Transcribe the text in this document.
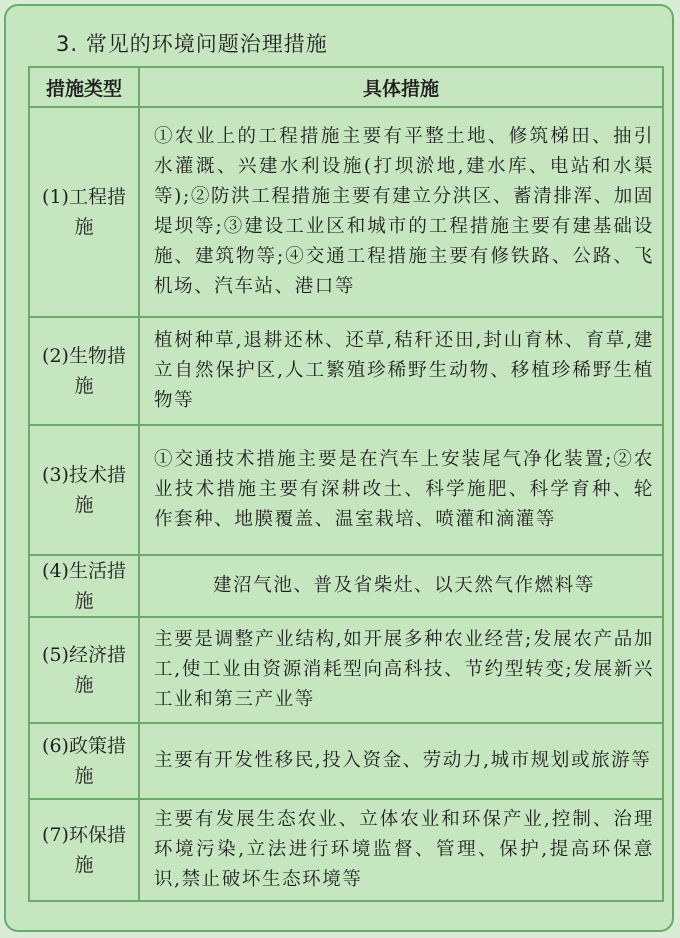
3. 常见的环境问题治理措施
措施类型	具体措施
(1)工程措施	①农业上的工程措施主要有平整土地、修筑梯田、抽引水灌溉、兴建水利设施(打坝淤地,建水库、电站和水渠等);②防洪工程措施主要有建立分洪区、蓄清排浑、加固堤坝等;③建设工业区和城市的工程措施主要有建基础设施、建筑物等;④交通工程措施主要有修铁路、公路、飞机场、汽车站、港口等
(2)生物措施	植树种草,退耕还林、还草,秸秆还田,封山育林、育草,建立自然保护区,人工繁殖珍稀野生动物、移植珍稀野生植物等
(3)技术措施	①交通技术措施主要是在汽车上安装尾气净化装置;②农业技术措施主要有深耕改土、科学施肥、科学育种、轮作套种、地膜覆盖、温室栽培、喷灌和滴灌等
(4)生活措施	建沼气池、普及省柴灶、以天然气作燃料等
(5)经济措施	主要是调整产业结构,如开展多种农业经营;发展农产品加工,使工业由资源消耗型向高科技、节约型转变;发展新兴工业和第三产业等
(6)政策措施	主要有开发性移民,投入资金、劳动力,城市规划或旅游等
(7)环保措施	主要有发展生态农业、立体农业和环保产业,控制、治理环境污染,立法进行环境监督、管理、保护,提高环保意识,禁止破坏生态环境等
